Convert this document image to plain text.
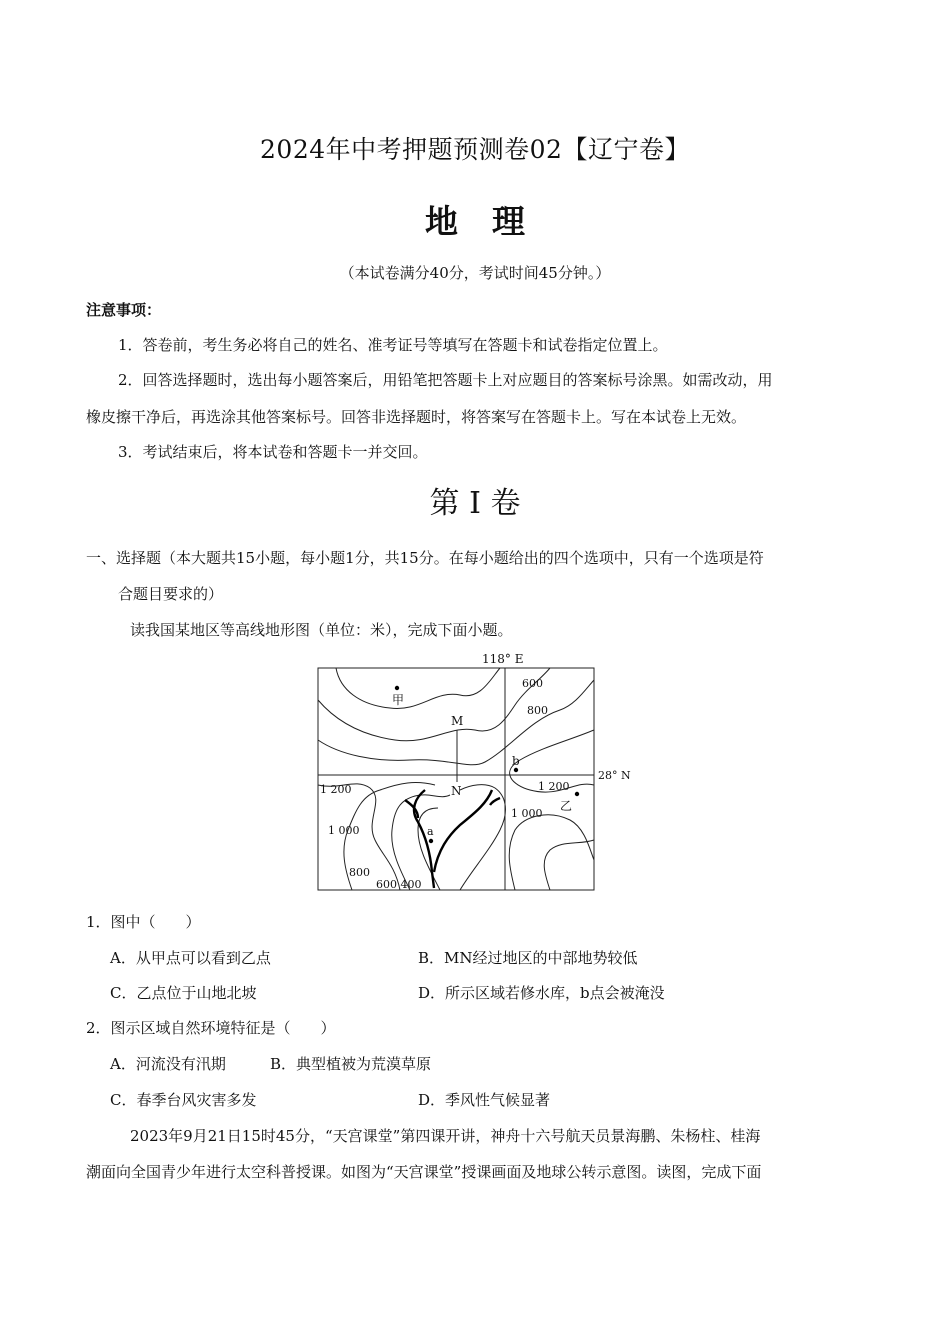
2024年中考押题预测卷02【辽宁卷】
地理
（本试卷满分40分，考试时间45分钟。）
注意事项：
1．答卷前，考生务必将自己的姓名、准考证号等填写在答题卡和试卷指定位置上。
2．回答选择题时，选出每小题答案后，用铅笔把答题卡上对应题目的答案标号涂黑。如需改动，用
橡皮擦干净后，再选涂其他答案标号。回答非选择题时，将答案写在答题卡上。写在本试卷上无效。
3．考试结束后，将本试卷和答题卡一并交回。
第 I 卷
一、选择题（本大题共15小题，每小题1分，共15分。在每小题给出的四个选项中，只有一个选项是符
合题目要求的）
读我国某地区等高线地形图（单位：米），完成下面小题。
118° E
28° N
甲
M
N
b
乙
a
600
800
1 200
1 000
1 200
1 000
800
600 400
1．图中（　　）
A．从甲点可以看到乙点	B．MN经过地区的中部地势较低
C．乙点位于山地北坡	D．所示区域若修水库，b点会被淹没
2．图示区域自然环境特征是（　　）
A．河流没有汛期	B．典型植被为荒漠草原
C．春季台风灾害多发	D．季风性气候显著
2023年9月21日15时45分，“天宫课堂”第四课开讲，神舟十六号航天员景海鹏、朱杨柱、桂海
潮面向全国青少年进行太空科普授课。如图为“天宫课堂”授课画面及地球公转示意图。读图，完成下面
